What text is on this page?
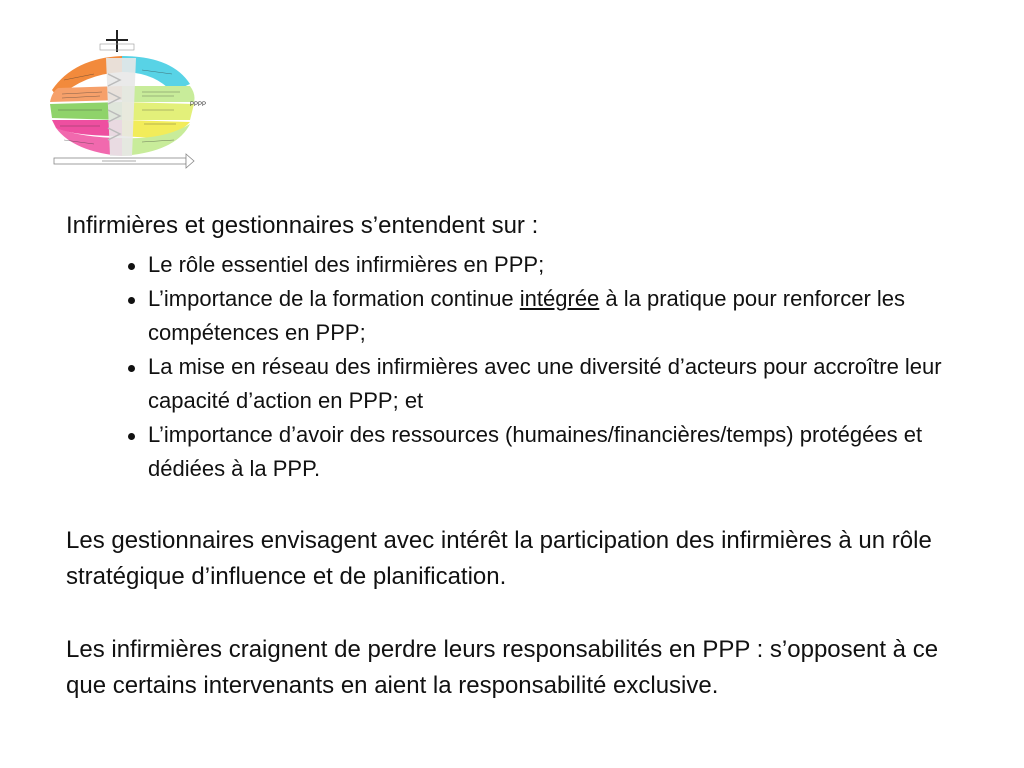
PPPP

Infirmières et gestionnaires s’entendent sur :

Le rôle essentiel des infirmières en PPP;
L’importance de la formation continue intégrée à la pratique pour renforcer les compétences en PPP;
La mise en réseau des infirmières avec une diversité d’acteurs pour accroître leur capacité d’action en PPP; et
L’importance d’avoir des ressources (humaines/financières/temps) protégées et dédiées à la PPP.

Les gestionnaires envisagent avec intérêt la participation des infirmières à un rôle stratégique d’influence et de planification.

Les infirmières craignent de perdre leurs responsabilités en PPP : s’opposent à ce que certains intervenants en aient la responsabilité exclusive.
